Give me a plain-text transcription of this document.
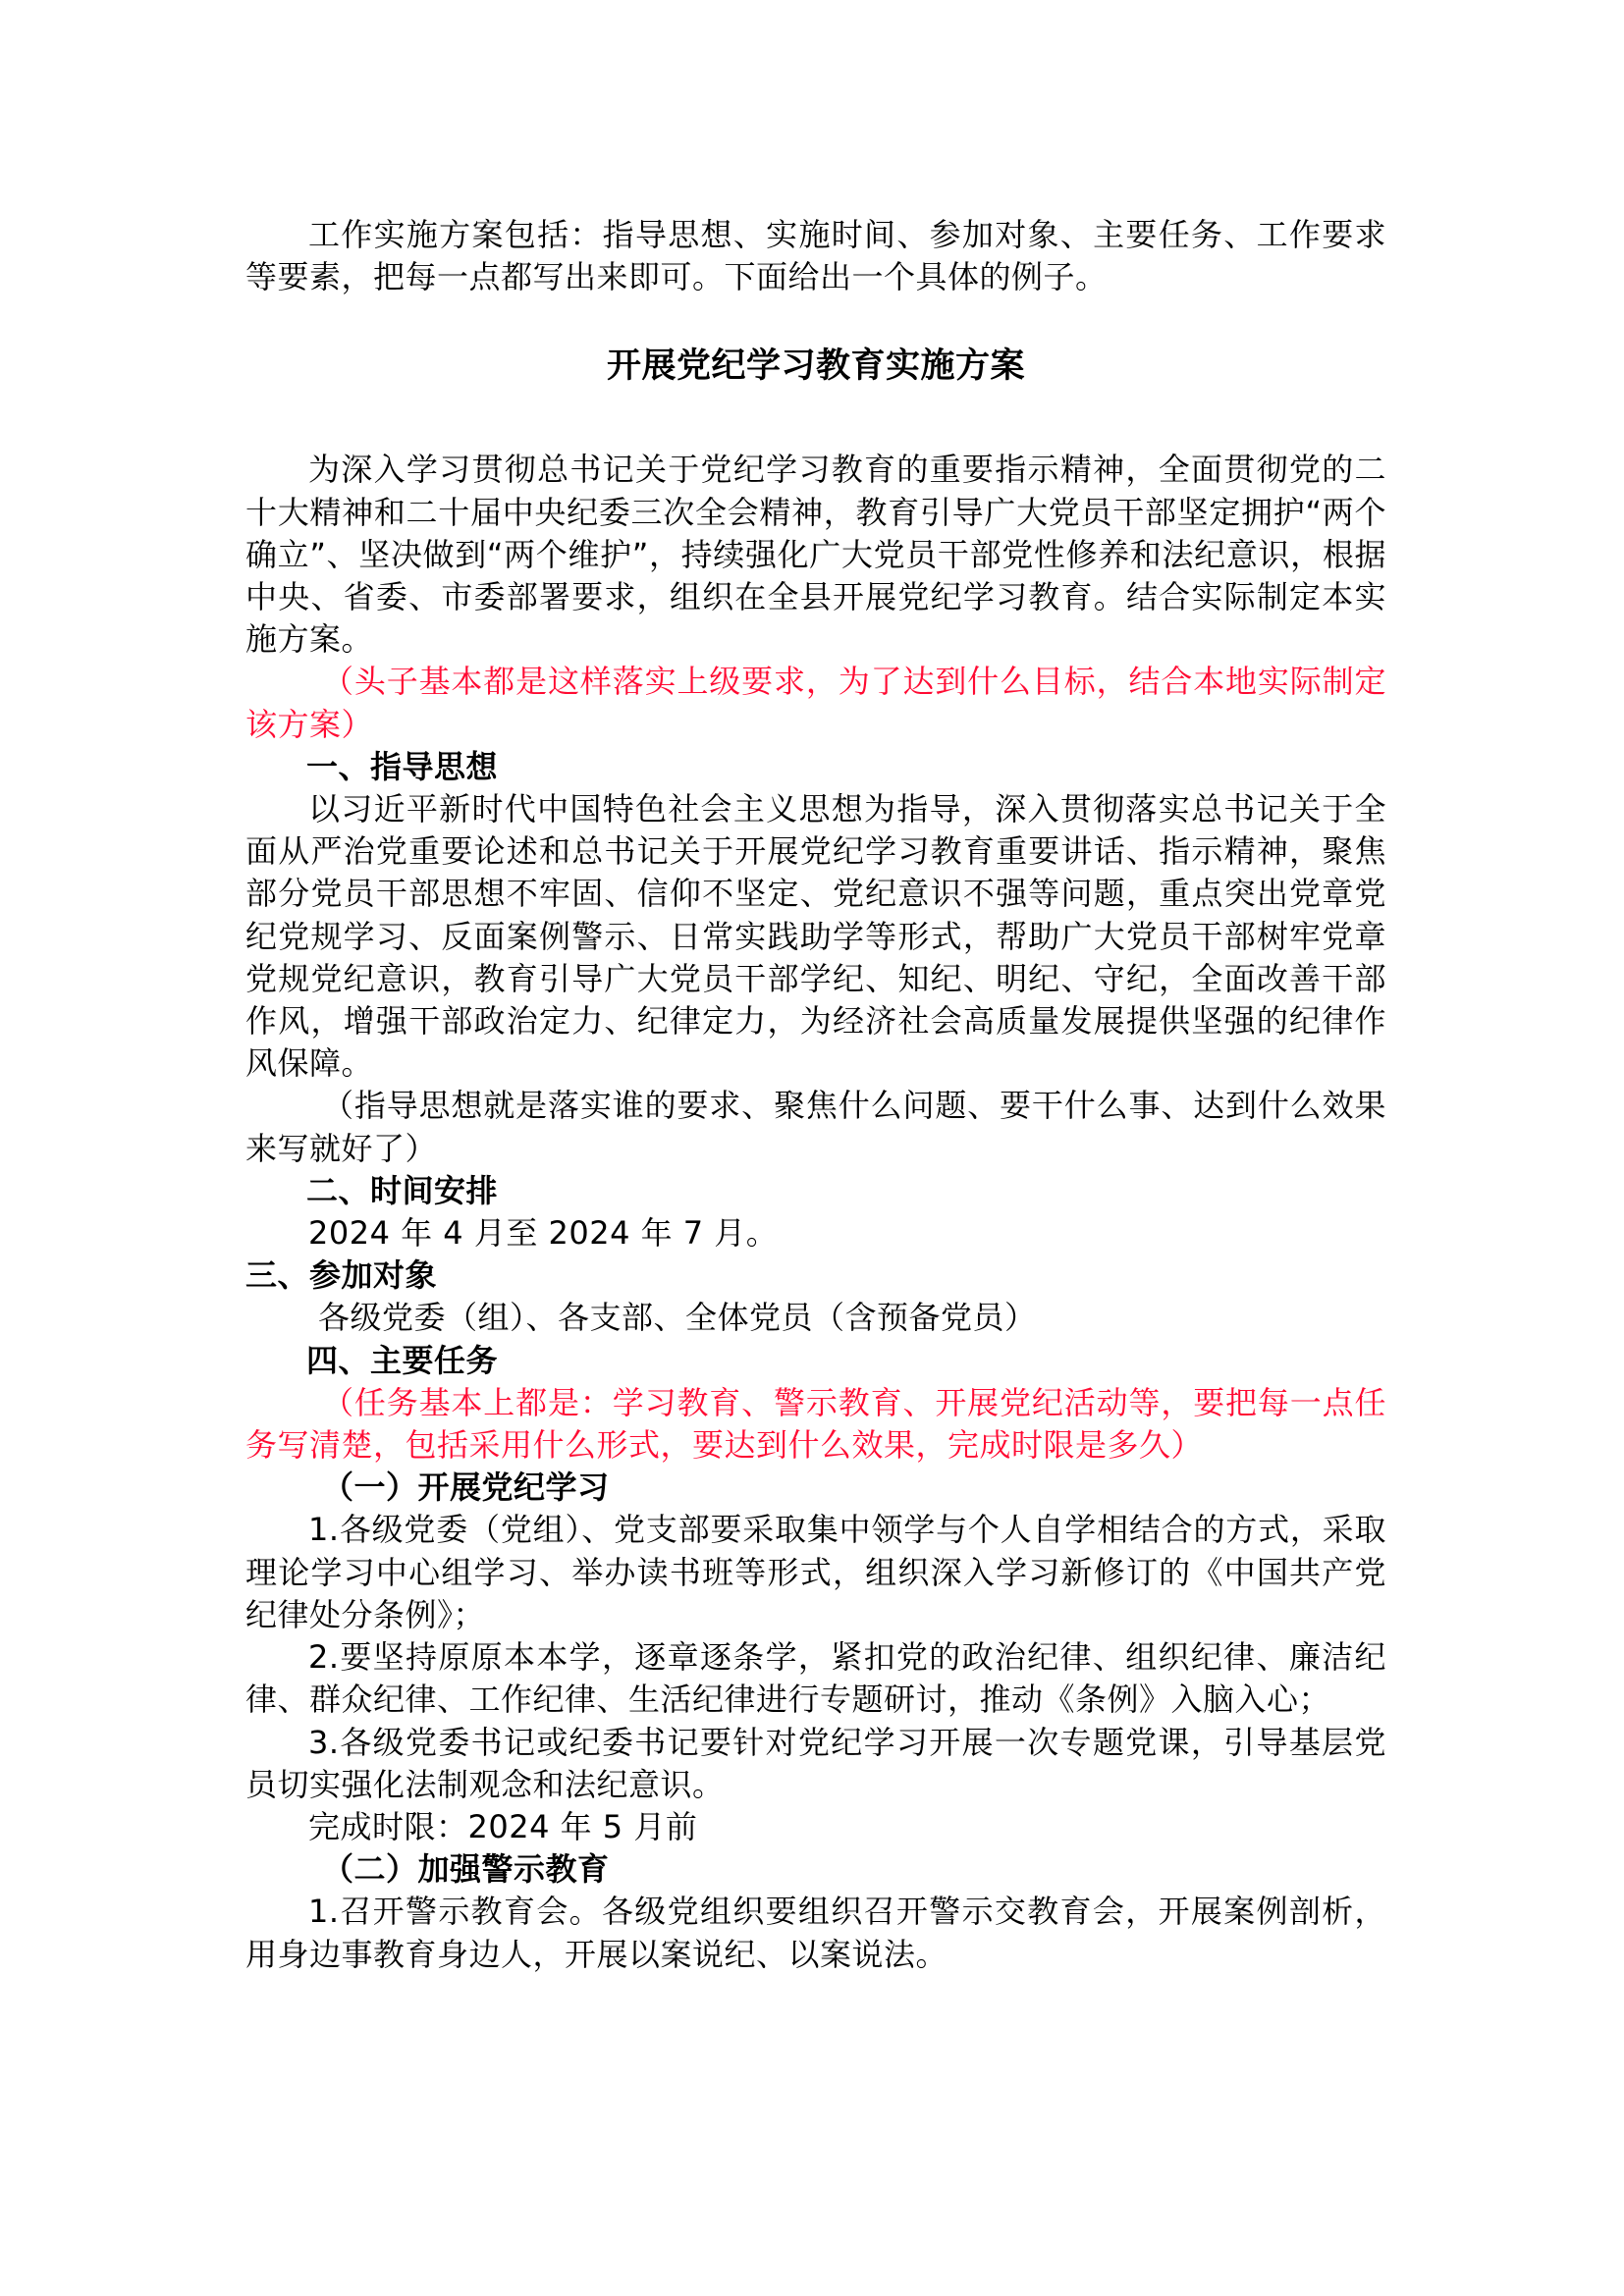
工作实施方案包括：指导思想、实施时间、参加对象、主要任务、工作要求等要素，把每一点都写出来即可。下面给出一个具体的例子。

开展党纪学习教育实施方案

为深入学习贯彻总书记关于党纪学习教育的重要指示精神，全面贯彻党的二十大精神和二十届中央纪委三次全会精神，教育引导广大党员干部坚定拥护“两个确立”、坚决做到“两个维护”，持续强化广大党员干部党性修养和法纪意识，根据中央、省委、市委部署要求，组织在全县开展党纪学习教育。结合实际制定本实施方案。

（头子基本都是这样落实上级要求，为了达到什么目标，结合本地实际制定该方案）

一、指导思想

以习近平新时代中国特色社会主义思想为指导，深入贯彻落实总书记关于全面从严治党重要论述和总书记关于开展党纪学习教育重要讲话、指示精神，聚焦部分党员干部思想不牢固、信仰不坚定、党纪意识不强等问题，重点突出党章党纪党规学习、反面案例警示、日常实践助学等形式，帮助广大党员干部树牢党章党规党纪意识，教育引导广大党员干部学纪、知纪、明纪、守纪，全面改善干部作风，增强干部政治定力、纪律定力，为经济社会高质量发展提供坚强的纪律作风保障。

（指导思想就是落实谁的要求、聚焦什么问题、要干什么事、达到什么效果来写就好了）

二、时间安排

2024 年 4 月至 2024 年 7 月。

三、参加对象

各级党委（组）、各支部、全体党员（含预备党员）

四、主要任务

（任务基本上都是：学习教育、警示教育、开展党纪活动等，要把每一点任务写清楚，包括采用什么形式，要达到什么效果，完成时限是多久）

（一）开展党纪学习

1.各级党委（党组）、党支部要采取集中领学与个人自学相结合的方式，采取理论学习中心组学习、举办读书班等形式，组织深入学习新修订的《中国共产党纪律处分条例》；

2.要坚持原原本本学，逐章逐条学，紧扣党的政治纪律、组织纪律、廉洁纪律、群众纪律、工作纪律、生活纪律进行专题研讨，推动《条例》入脑入心；

3.各级党委书记或纪委书记要针对党纪学习开展一次专题党课，引导基层党员切实强化法制观念和法纪意识。

完成时限：2024 年 5 月前

（二）加强警示教育

1.召开警示教育会。各级党组织要组织召开警示交教育会，开展案例剖析，用身边事教育身边人，开展以案说纪、以案说法。
